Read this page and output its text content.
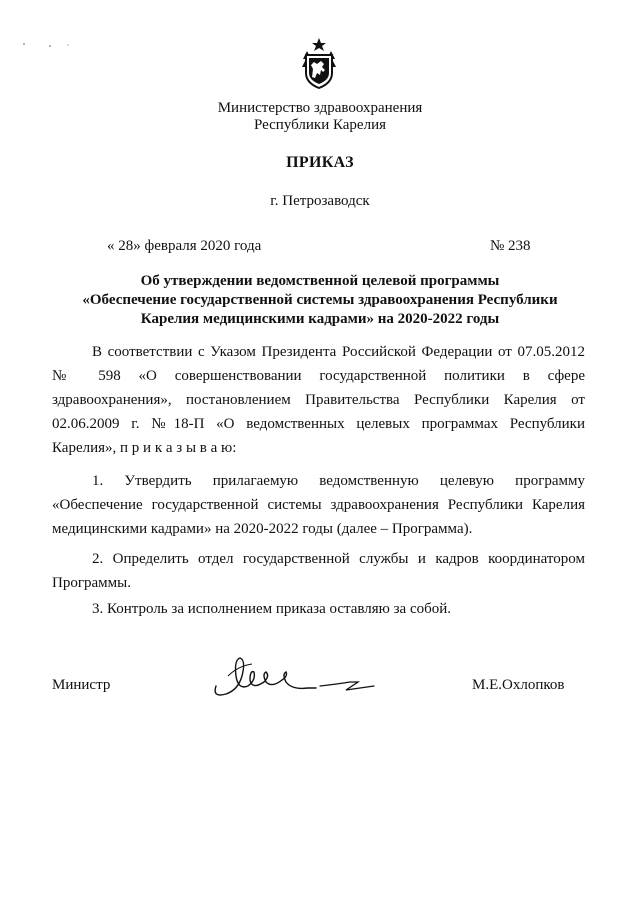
Министерство здравоохранения
Республики Карелия
ПРИКАЗ
г. Петрозаводск
« 28» февраля 2020 года	№ 238
Об утверждении ведомственной целевой программы
«Обеспечение государственной системы здравоохранения Республики
Карелия медицинскими кадрами» на 2020-2022 годы
В соответствии с Указом Президента Российской Федерации от 07.05.2012 № 598 «О совершенствовании государственной политики в сфере здравоохранения», постановлением Правительства Республики Карелия от 02.06.2009 г. №18-П «О ведомственных целевых программах Республики Карелия», п р и к а з ы в а ю:
1. Утвердить прилагаемую ведомственную целевую программу «Обеспечение государственной системы здравоохранения Республики Карелия медицинскими кадрами» на 2020-2022 годы (далее – Программа).
2. Определить отдел государственной службы и кадров координатором Программы.
3. Контроль за исполнением приказа оставляю за собой.
Министр	М.Е.Охлопков
